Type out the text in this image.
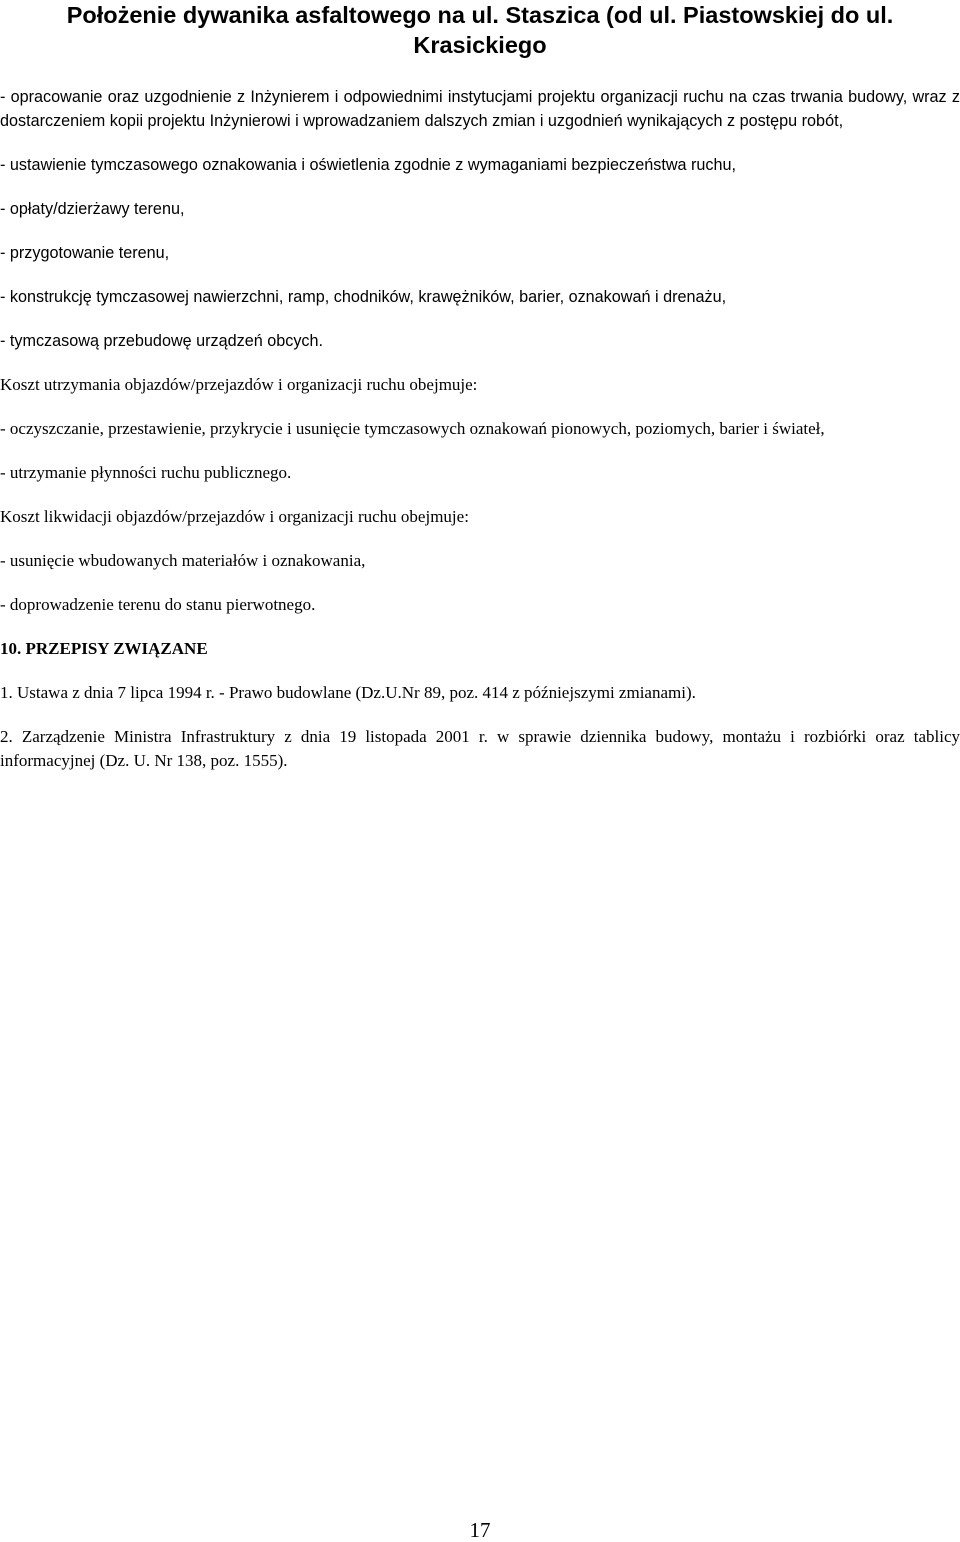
Położenie dywanika asfaltowego na ul. Staszica (od ul. Piastowskiej do ul. Krasickiego

- opracowanie oraz uzgodnienie z Inżynierem i odpowiednimi instytucjami projektu organizacji ruchu na czas trwania budowy, wraz z dostarczeniem kopii projektu Inżynierowi i wprowadzaniem dalszych zmian i uzgodnień wynikających z postępu robót,

- ustawienie tymczasowego oznakowania i oświetlenia zgodnie z wymaganiami bezpieczeństwa ruchu,

- opłaty/dzierżawy terenu,

- przygotowanie terenu,

- konstrukcję tymczasowej nawierzchni, ramp, chodników, krawężników, barier, oznakowań i drenażu,

- tymczasową przebudowę urządzeń obcych.

Koszt utrzymania objazdów/przejazdów i organizacji ruchu obejmuje:

- oczyszczanie, przestawienie, przykrycie i usunięcie tymczasowych oznakowań pionowych, poziomych, barier i świateł,

- utrzymanie płynności ruchu publicznego.

Koszt likwidacji objazdów/przejazdów i organizacji ruchu obejmuje:

- usunięcie wbudowanych materiałów i oznakowania,

- doprowadzenie terenu do stanu pierwotnego.

10. PRZEPISY ZWIĄZANE

1. Ustawa z dnia 7 lipca 1994 r. - Prawo budowlane (Dz.U.Nr 89, poz. 414 z późniejszymi zmianami).

2. Zarządzenie Ministra Infrastruktury z dnia 19 listopada 2001 r. w sprawie dziennika budowy, montażu i rozbiórki oraz tablicy informacyjnej (Dz. U. Nr 138, poz. 1555).

17
